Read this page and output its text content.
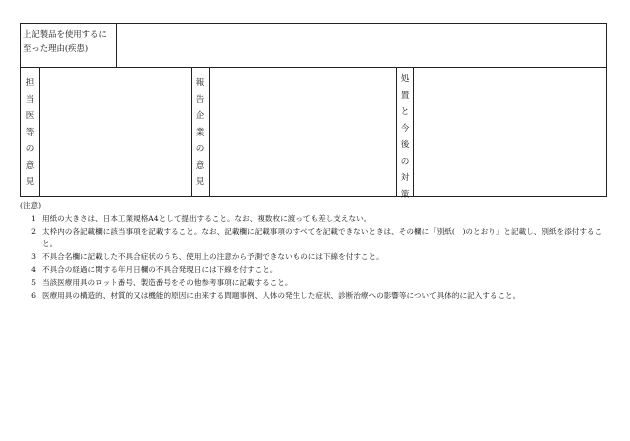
上記製品を使用するに
至った理由(疾患)
担
当
医
等
の
意
見
報
告
企
業
の
意
見
処
置
と
今
後
の
対
策
(注意)
1 用紙の大きさは、日本工業規格A4として提出すること。なお、複数枚に渡っても差し支えない。
2 太枠内の各記載欄に該当事項を記載すること。なお、記載欄に記載事項のすべてを記載できないときは、その欄に「別紙(　)のとおり」と記載し、別紙を添付すること。
3 不具合名欄に記載した不具合症状のうち、使用上の注意から予測できないものには下線を付すこと。
4 不具合の経過に関する年月日欄の不具合発現日には下線を付すこと。
5 当該医療用具のロット番号、製造番号をその他参考事項に記載すること。
6 医療用具の構造的、材質的又は機能的原因に由来する問題事例、人体の発生した症状、診断治療への影響等について具体的に記入すること。
